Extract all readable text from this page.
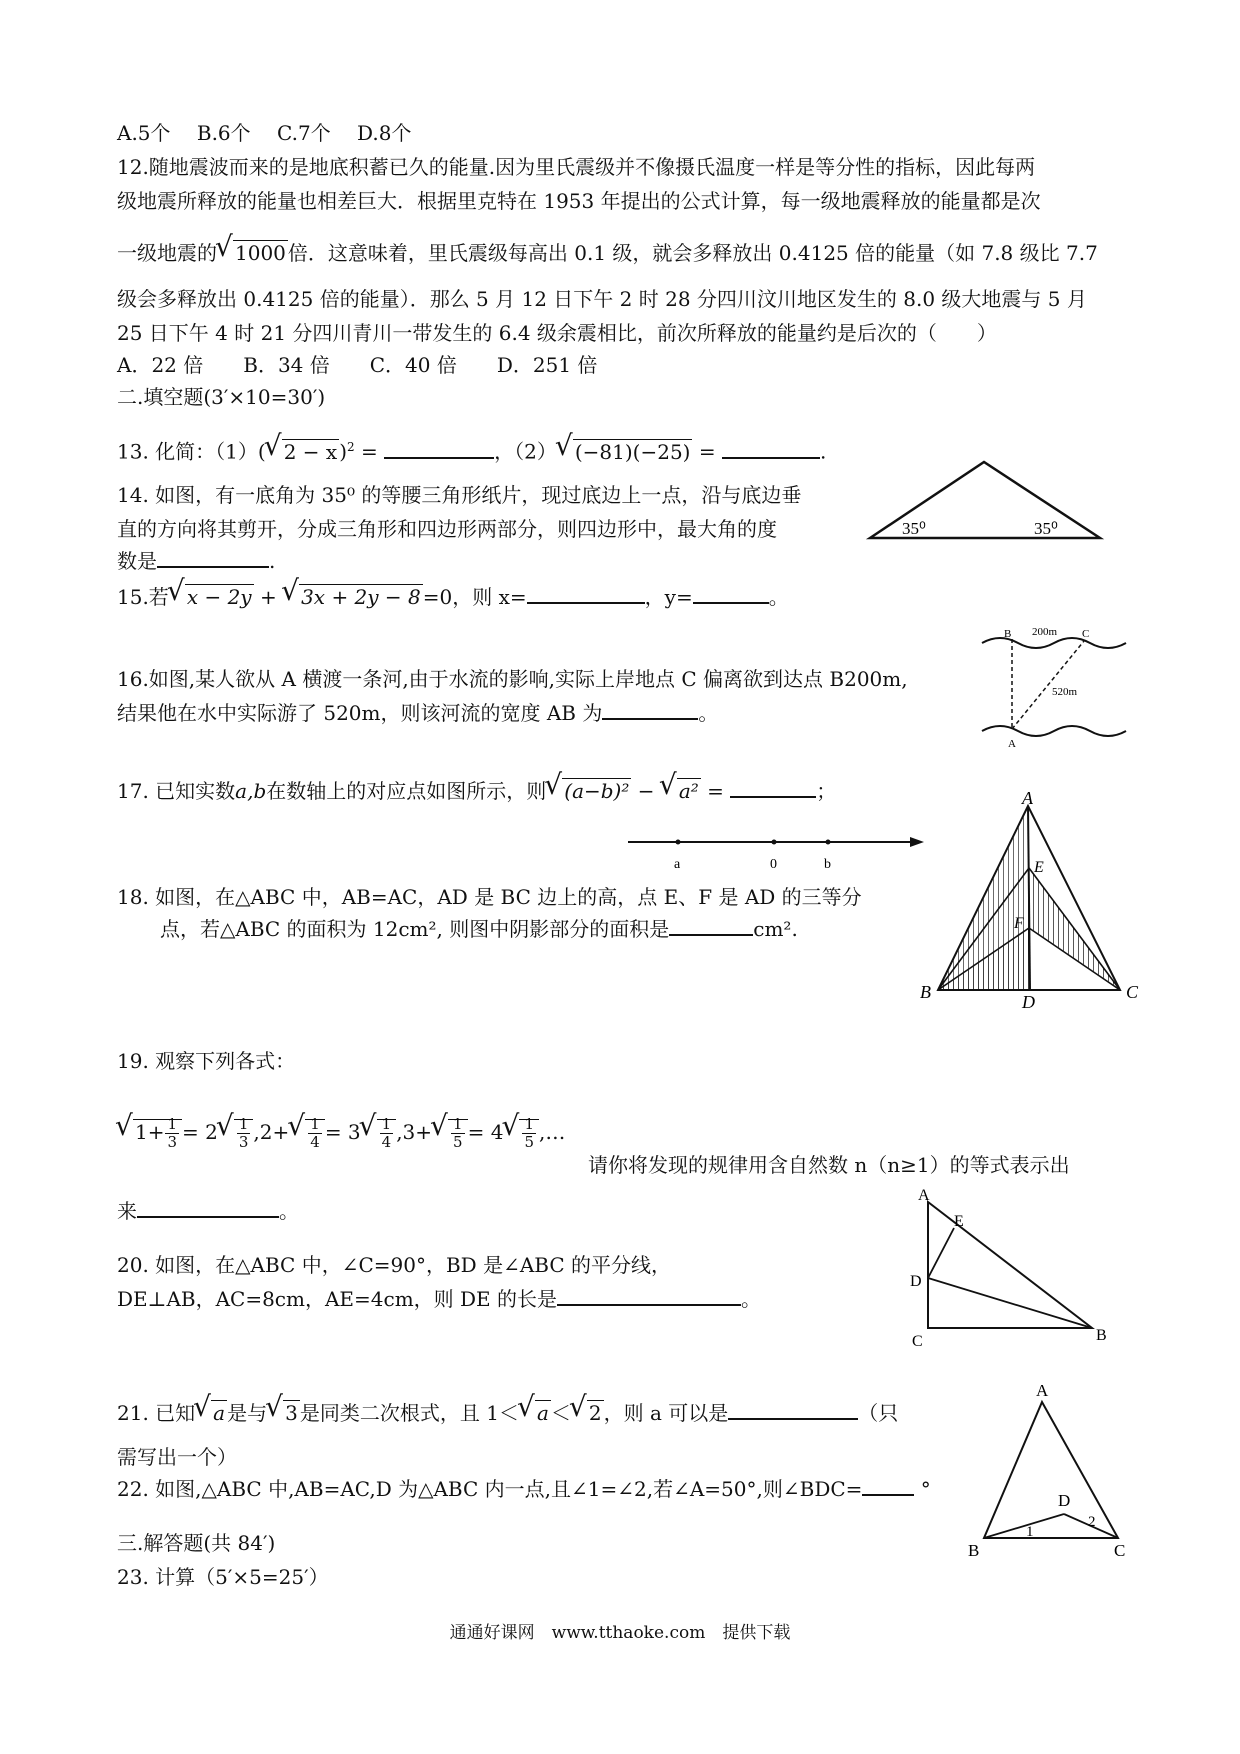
A.5个　 B.6个　 C.7个　 D.8个
12.随地震波而来的是地底积蓄已久的能量.因为里氏震级并不像摄氏温度一样是等分性的指标，因此每两
级地震所释放的能量也相差巨大．根据里克特在 1953 年提出的公式计算，每一级地震释放的能量都是次
一级地震的 √ 1000 倍．这意味着，里氏震级每高出 0.1 级，就会多释放出 0.4125 倍的能量（如 7.8 级比 7.7
级会多释放出 0.4125 倍的能量）．那么 5 月 12 日下午 2 时 28 分四川汶川地区发生的 8.0 级大地震与 5 月
25 日下午 4 时 21 分四川青川一带发生的 6.4 级余震相比，前次所释放的能量约是后次的（　　）
A．22 倍　　B．34 倍　　C．40 倍　　D．251 倍
二.填空题(3′×10=30′)
13. 化简：（1）( √ 2 − x )$^2$ =	，（2） √ (−81)(−25) =	.
14. 如图，有一底角为 35⁰ 的等腰三角形纸片，现过底边上一点，沿与底边垂
直的方向将其剪开，分成三角形和四边形两部分，则四边形中，最大角的度
数是	.
35⁰	35⁰
15.若 √ x − 2y + √ 3x + 2y − 8 =0，则 x=	，y=	。
16.如图,某人欲从 A 横渡一条河,由于水流的影响,实际上岸地点 C 偏离欲到达点 B200m,
结果他在水中实际游了 520m，则该河流的宽度 AB 为	。
B	C
200m
520m
A
17. 已知实数a,b在数轴上的对应点如图所示，则 √ (a−b)² − √ a² =	；
a	0	b
18. 如图，在△ABC 中，AB=AC，AD 是 BC 边上的高，点 E、F 是 AD 的三等分
点，若△ABC 的面积为 12cm², 则图中阴影部分的面积是	cm².
A
E
F
B	D	C
19. 观察下列各式：
√ $1+ \frac{1}{3} = 2$ √ $\frac{1}{3} ,2+$ √ $\frac{1}{4} = 3$ √ $\frac{1}{4} ,3+$ √ $\frac{1}{5} = 4$ √ $\frac{1}{5}$ ,…
请你将发现的规律用含自然数 n（n≥1）的等式表示出
来	。
20. 如图，在△ABC 中，∠C=90°，BD 是∠ABC 的平分线，
DE⊥AB，AC=8cm，AE=4cm，则 DE 的长是	。
A
E
D
C	B
21. 已知 √ a 是与 √ 3 是同类二次根式，且 1＜ √ a ＜ √ 2 ，则 a 可以是	（只
需写出一个）
22. 如图,△ABC 中,AB=AC,D 为△ABC 内一点,且∠1=∠2,若∠A=50°,则∠BDC=	°
A
D
B	C
1
2
三.解答题(共 84′)
23. 计算（5′×5=25′）
通通好课网　www.tthaoke.com　提供下载
